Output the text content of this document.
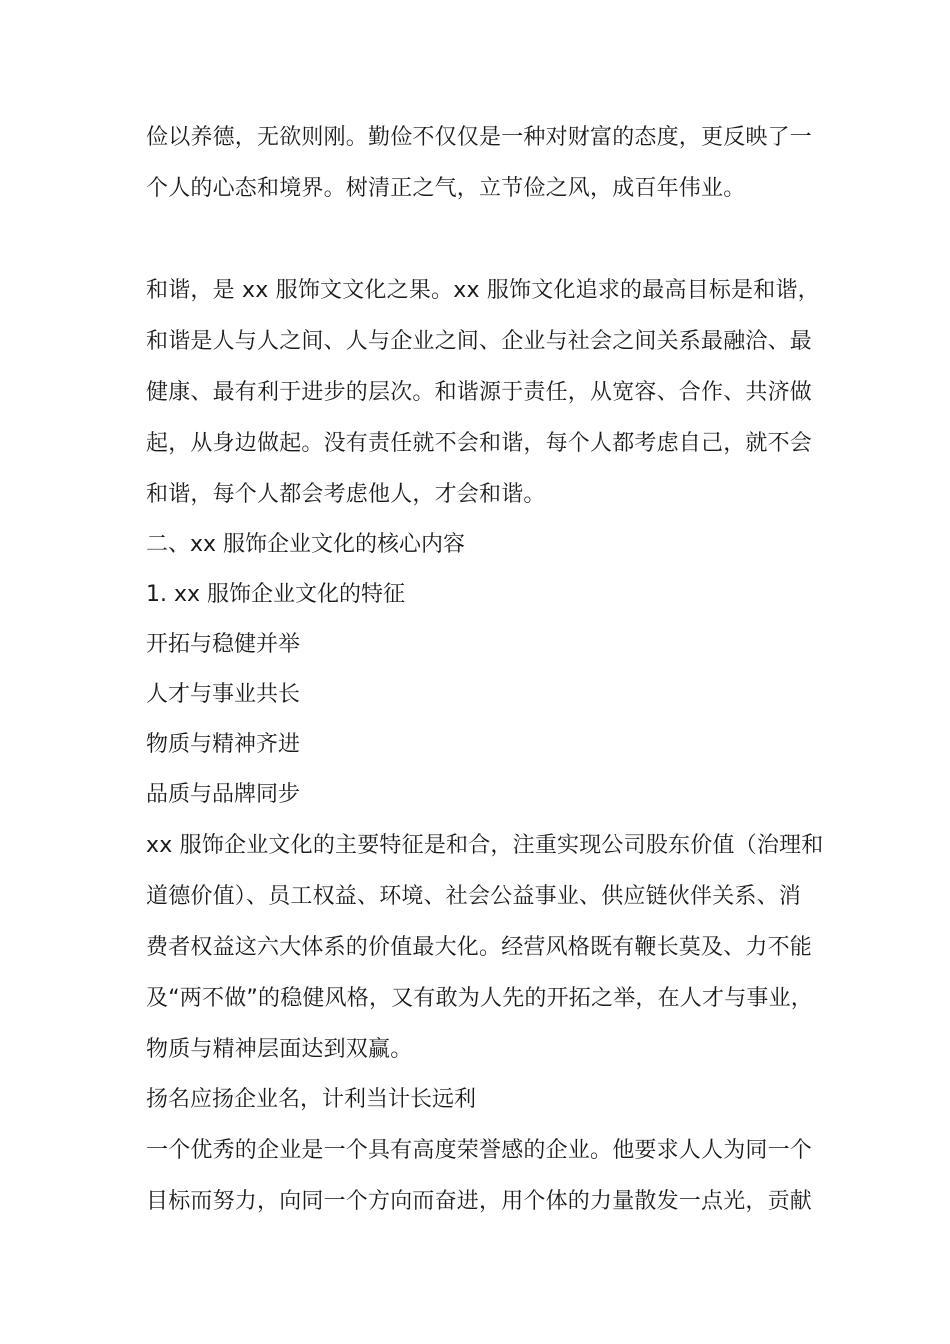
俭以养德，无欲则刚。勤俭不仅仅是一种对财富的态度，更反映了一
个人的心态和境界。树清正之气，立节俭之风，成百年伟业。

和谐，是 xx 服饰文文化之果。xx 服饰文化追求的最高目标是和谐，
和谐是人与人之间、人与企业之间、企业与社会之间关系最融洽、最
健康、最有利于进步的层次。和谐源于责任，从宽容、合作、共济做
起，从身边做起。没有责任就不会和谐，每个人都考虑自己，就不会
和谐，每个人都会考虑他人，才会和谐。

二、xx 服饰企业文化的核心内容

1. xx 服饰企业文化的特征

开拓与稳健并举

人才与事业共长

物质与精神齐进

品质与品牌同步

xx 服饰企业文化的主要特征是和合，注重实现公司股东价值（治理和
道德价值）、员工权益、环境、社会公益事业、供应链伙伴关系、消
费者权益这六大体系的价值最大化。经营风格既有鞭长莫及、力不能
及“两不做”的稳健风格，又有敢为人先的开拓之举，在人才与事业，
物质与精神层面达到双赢。

扬名应扬企业名，计利当计长远利

一个优秀的企业是一个具有高度荣誉感的企业。他要求人人为同一个
目标而努力，向同一个方向而奋进，用个体的力量散发一点光，贡献
